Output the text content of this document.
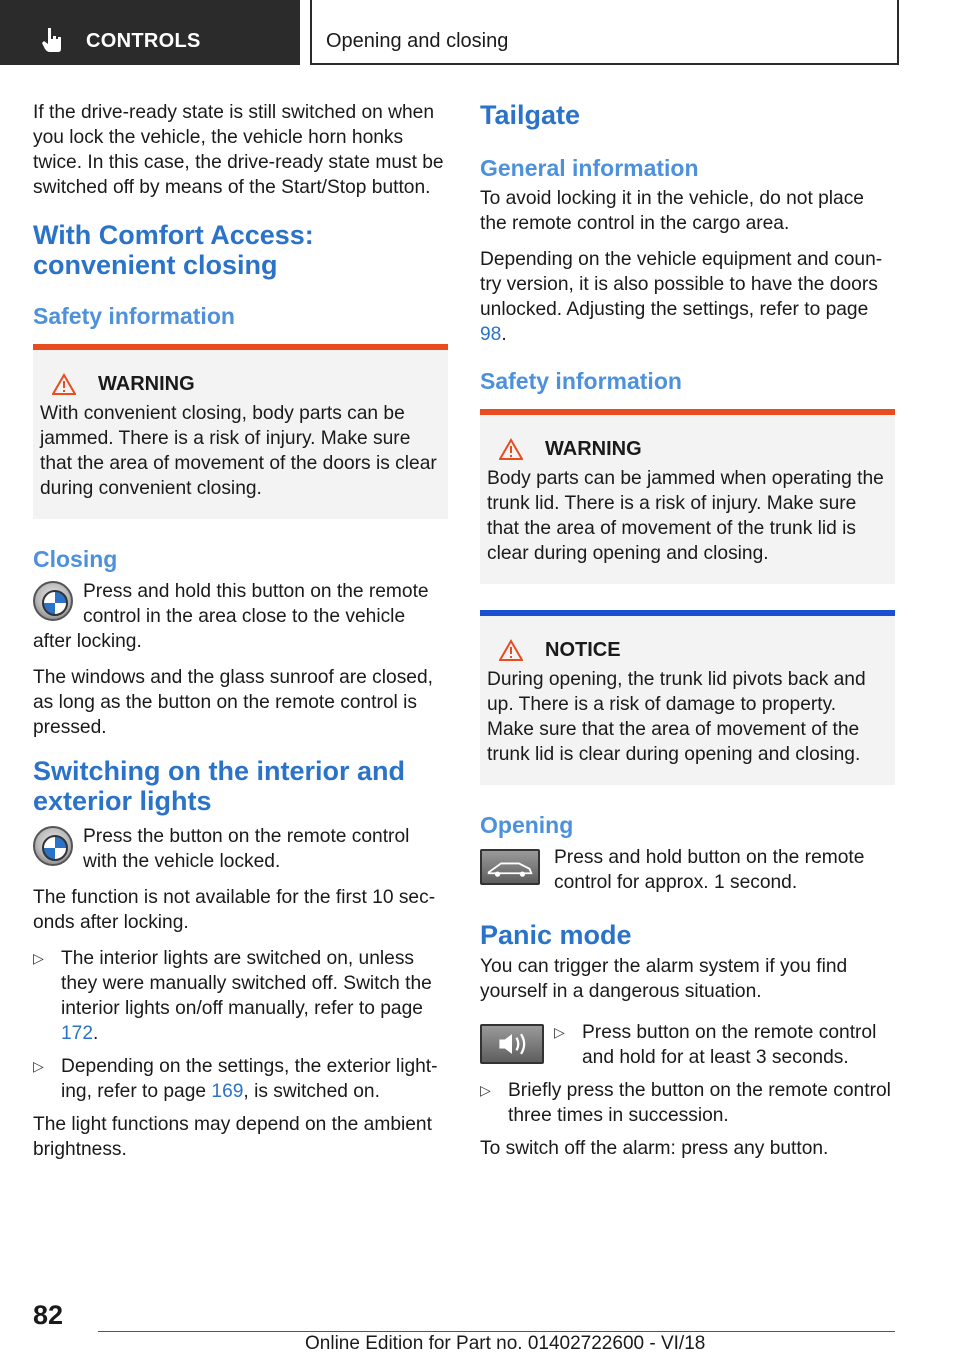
CONTROLS	Opening and closing

If the drive-ready state is still switched on when you lock the vehicle, the vehicle horn honks twice. In this case, the drive-ready state must be switched off by means of the Start/Stop button.

With Comfort Access: convenient closing
Safety information
WARNING

With convenient closing, body parts can be jammed. There is a risk of injury. Make sure that the area of movement of the doors is clear during convenient closing.

Closing

Press and hold this button on the remote control in the area close to the vehicle after locking.

The windows and the glass sunroof are closed, as long as the button on the remote control is pressed.

Switching on the interior and exterior lights

Press the button on the remote control with the vehicle locked.

The function is not available for the first 10 seconds after locking.

▷ The interior lights are switched on, unless they were manually switched off. Switch the interior lights on/off manually, refer to page 172.
▷ Depending on the settings, the exterior lighting, refer to page 169, is switched on.

The light functions may depend on the ambient brightness.

Tailgate
General information

To avoid locking it in the vehicle, do not place the remote control in the cargo area.

Depending on the vehicle equipment and country version, it is also possible to have the doors unlocked. Adjusting the settings, refer to page 98.

Safety information
WARNING

Body parts can be jammed when operating the trunk lid. There is a risk of injury. Make sure that the area of movement of the trunk lid is clear during opening and closing.

NOTICE

During opening, the trunk lid pivots back and up. There is a risk of damage to property. Make sure that the area of movement of the trunk lid is clear during opening and closing.

Opening

Press and hold button on the remote control for approx. 1 second.

Panic mode

You can trigger the alarm system if you find yourself in a dangerous situation.

▷ Press button on the remote control and hold for at least 3 seconds.
▷ Briefly press the button on the remote control three times in succession.

To switch off the alarm: press any button.

82
Online Edition for Part no. 01402722600 - VI/18
